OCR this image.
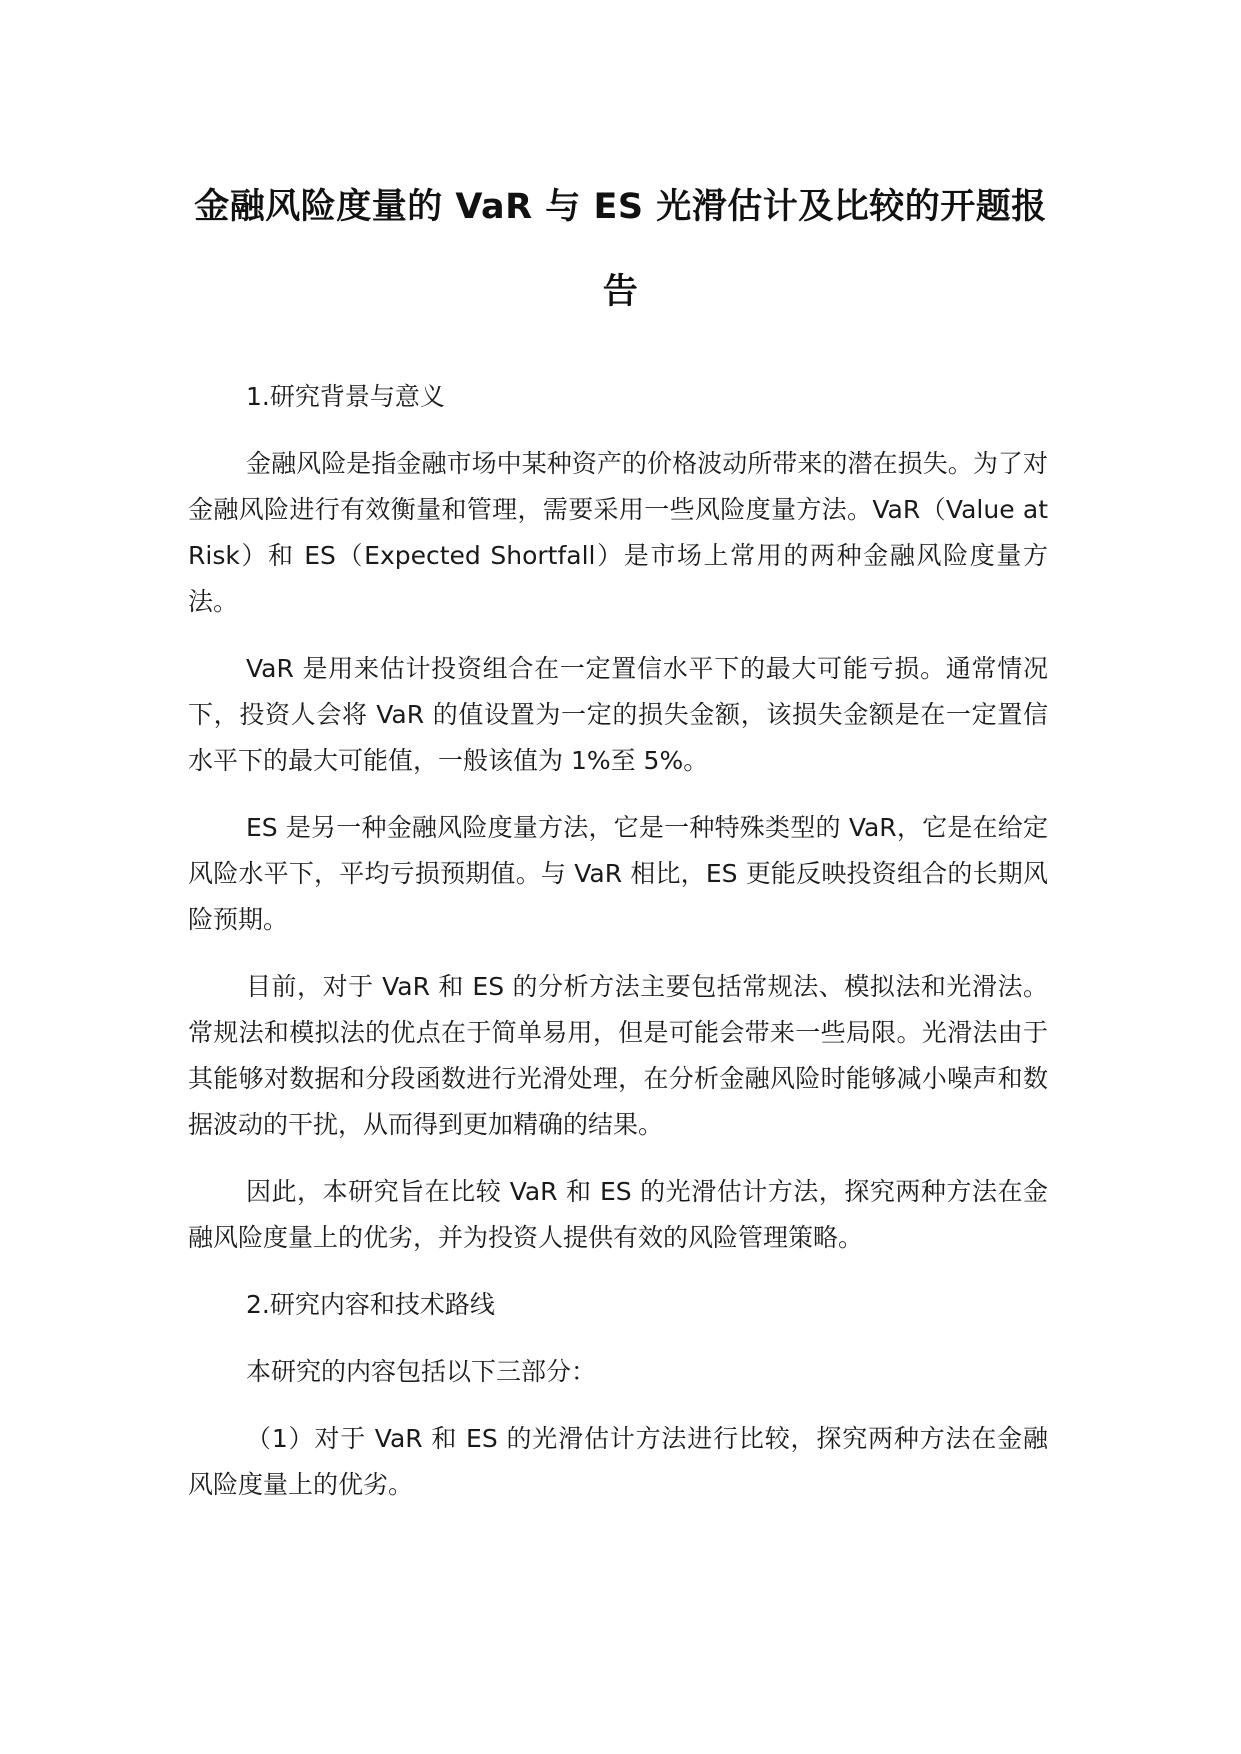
金融风险度量的 VaR 与 ES 光滑估计及比较的开题报告

1.研究背景与意义

金融风险是指金融市场中某种资产的价格波动所带来的潜在损失。为了对金融风险进行有效衡量和管理，需要采用一些风险度量方法。VaR（Value at Risk）和 ES（Expected Shortfall）是市场上常用的两种金融风险度量方法。

VaR 是用来估计投资组合在一定置信水平下的最大可能亏损。通常情况下，投资人会将 VaR 的值设置为一定的损失金额，该损失金额是在一定置信水平下的最大可能值，一般该值为 1%至 5%。

ES 是另一种金融风险度量方法，它是一种特殊类型的 VaR，它是在给定风险水平下，平均亏损预期值。与 VaR 相比，ES 更能反映投资组合的长期风险预期。

目前，对于 VaR 和 ES 的分析方法主要包括常规法、模拟法和光滑法。常规法和模拟法的优点在于简单易用，但是可能会带来一些局限。光滑法由于其能够对数据和分段函数进行光滑处理，在分析金融风险时能够减小噪声和数据波动的干扰，从而得到更加精确的结果。

因此，本研究旨在比较 VaR 和 ES 的光滑估计方法，探究两种方法在金融风险度量上的优劣，并为投资人提供有效的风险管理策略。

2.研究内容和技术路线

本研究的内容包括以下三部分：

（1）对于 VaR 和 ES 的光滑估计方法进行比较，探究两种方法在金融风险度量上的优劣。
